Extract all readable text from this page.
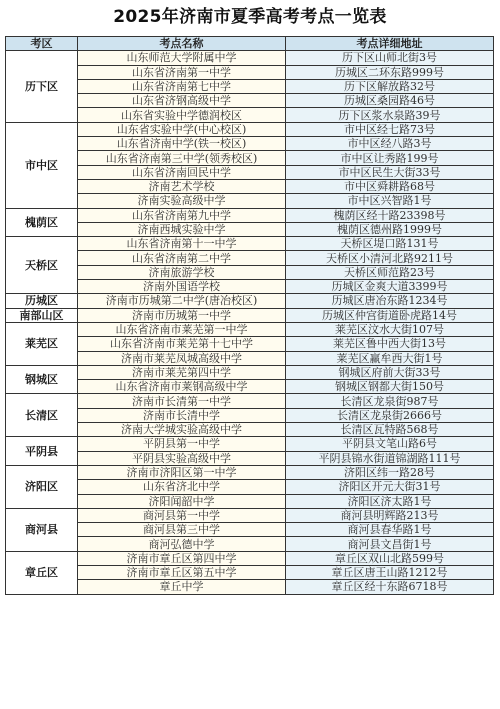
2025年济南市夏季高考考点一览表
考区	考点名称	考点详细地址
历下区	山东师范大学附属中学	历下区山师北街3号
	山东省济南第一中学	历城区二环东路999号
	山东省济南第七中学	历下区解放路32号
	山东省济钢高级中学	历城区桑园路46号
	山东省实验中学德润校区	历下区浆水泉路39号
市中区	山东省实验中学(中心校区)	市中区经七路73号
	山东省济南中学(铁一校区)	市中区经八路3号
	山东省济南第三中学(领秀校区)	市中区让秀路199号
	山东省济南回民中学	市中区民生大街33号
	济南艺术学校	市中区舜耕路68号
	济南实验高级中学	市中区兴智路1号
槐荫区	山东省济南第九中学	槐荫区经十路23398号
	济南西城实验中学	槐荫区德州路1999号
天桥区	山东省济南第十一中学	天桥区堤口路131号
	山东省济南第二中学	天桥区小清河北路9211号
	济南旅游学校	天桥区师范路23号
	济南外国语学校	历城区金爽大道3399号
历城区	济南市历城第二中学(唐冶校区)	历城区唐冶东路1234号
南部山区	济南市历城第一中学	历城区仲宫街道卧虎路14号
莱芜区	山东省济南市莱芜第一中学	莱芜区汶水大街107号
	山东省济南市莱芜第十七中学	莱芜区鲁中西大街13号
	济南市莱芜凤城高级中学	莱芜区赢牟西大街1号
钢城区	济南市莱芜第四中学	钢城区府前大街33号
	山东省济南市莱钢高级中学	钢城区钢都大街150号
长清区	济南市长清第一中学	长清区龙泉街987号
	济南市长清中学	长清区龙泉街2666号
	济南大学城实验高级中学	长清区瓦特路568号
平阴县	平阴县第一中学	平阴县文笔山路6号
	平阴县实验高级中学	平阴县锦水街道锦湖路111号
济阳区	济南市济阳区第一中学	济阳区纬一路28号
	山东省济北中学	济阳区开元大街31号
	济阳闻韶中学	济阳区济太路1号
商河县	商河县第一中学	商河县明辉路213号
	商河县第三中学	商河县春华路1号
	商河弘德中学	商河县文昌街1号
章丘区	济南市章丘区第四中学	章丘区双山北路599号
	济南市章丘区第五中学	章丘区唐王山路1212号
	章丘中学	章丘区经十东路6718号
